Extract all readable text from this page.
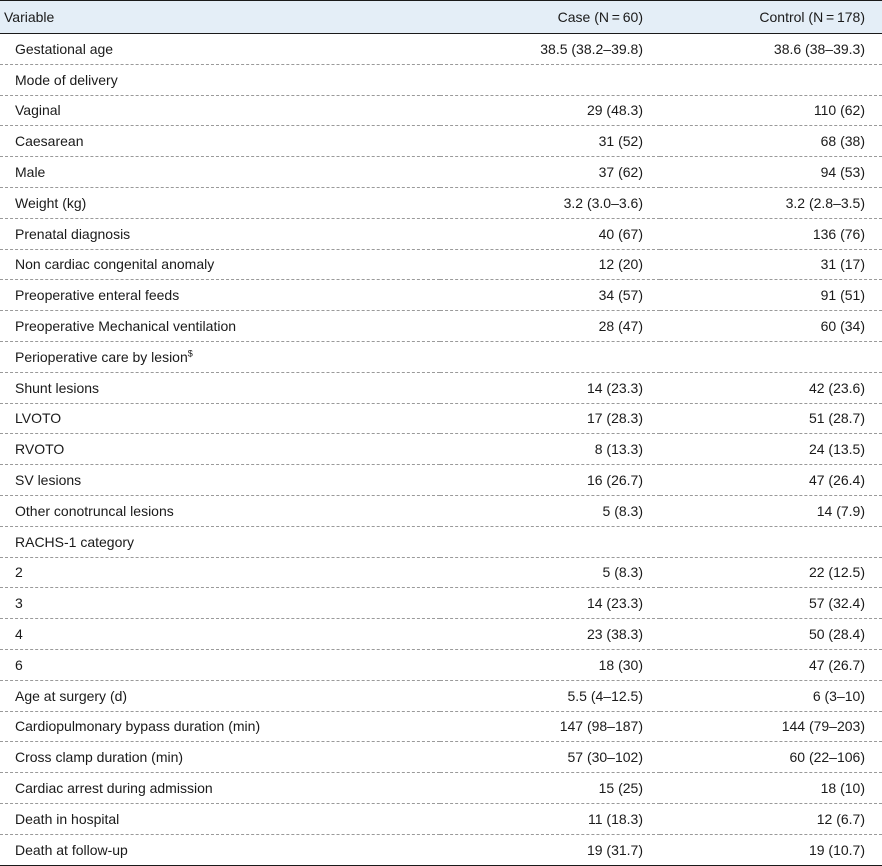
Variable	Case (N = 60)	Control (N = 178)
Gestational age	38.5 (38.2–39.8)	38.6 (38–39.3)
Mode of delivery		
Vaginal	29 (48.3)	110 (62)
Caesarean	31 (52)	68 (38)
Male	37 (62)	94 (53)
Weight (kg)	3.2 (3.0–3.6)	3.2 (2.8–3.5)
Prenatal diagnosis	40 (67)	136 (76)
Non cardiac congenital anomaly	12 (20)	31 (17)
Preoperative enteral feeds	34 (57)	91 (51)
Preoperative Mechanical ventilation	28 (47)	60 (34)
Perioperative care by lesion$		
Shunt lesions	14 (23.3)	42 (23.6)
LVOTO	17 (28.3)	51 (28.7)
RVOTO	8 (13.3)	24 (13.5)
SV lesions	16 (26.7)	47 (26.4)
Other conotruncal lesions	5 (8.3)	14 (7.9)
RACHS-1 category		
2	5 (8.3)	22 (12.5)
3	14 (23.3)	57 (32.4)
4	23 (38.3)	50 (28.4)
6	18 (30)	47 (26.7)
Age at surgery (d)	5.5 (4–12.5)	6 (3–10)
Cardiopulmonary bypass duration (min)	147 (98–187)	144 (79–203)
Cross clamp duration (min)	57 (30–102)	60 (22–106)
Cardiac arrest during admission	15 (25)	18 (10)
Death in hospital	11 (18.3)	12 (6.7)
Death at follow-up	19 (31.7)	19 (10.7)
